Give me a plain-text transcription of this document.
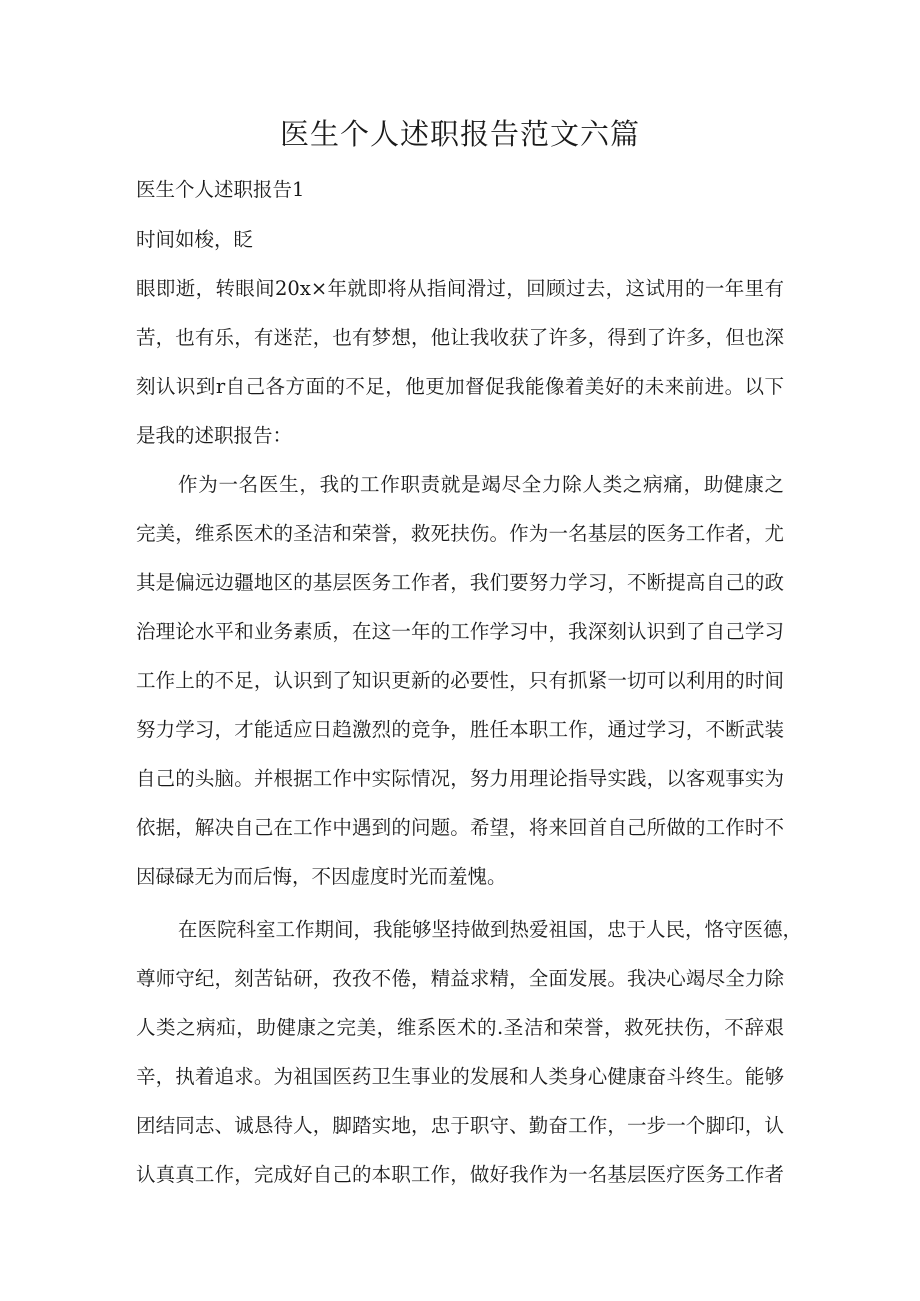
医生个人述职报告范文六篇

医生个人述职报告1

时间如梭，眨

眼即逝，转眼间20x×年就即将从指间滑过，回顾过去，这试用的一年里有

苦，也有乐，有迷茫，也有梦想，他让我收获了许多，得到了许多，但也深

刻认识到r自己各方面的不足，他更加督促我能像着美好的未来前进。以下

是我的述职报告：

作为一名医生，我的工作职责就是竭尽全力除人类之病痛，助健康之

完美，维系医术的圣洁和荣誉，救死扶伤。作为一名基层的医务工作者，尤

其是偏远边疆地区的基层医务工作者，我们要努力学习，不断提高自己的政

治理论水平和业务素质，在这一年的工作学习中，我深刻认识到了自己学习

工作上的不足，认识到了知识更新的必要性，只有抓紧一切可以利用的时间

努力学习，才能适应日趋激烈的竞争，胜任本职工作，通过学习，不断武装

自己的头脑。并根据工作中实际情况，努力用理论指导实践，以客观事实为

依据，解决自己在工作中遇到的问题。希望，将来回首自己所做的工作时不

因碌碌无为而后悔，不因虚度时光而羞愧。

在医院科室工作期间，我能够坚持做到热爱祖国，忠于人民，恪守医德，

尊师守纪，刻苦钻研，孜孜不倦，精益求精，全面发展。我决心竭尽全力除

人类之病疝，助健康之完美，维系医术的.圣洁和荣誉，救死扶伤，不辞艰

辛，执着追求。为祖国医药卫生事业的发展和人类身心健康奋斗终生。能够

团结同志、诚恳待人，脚踏实地，忠于职守、勤奋工作，一步一个脚印，认

认真真工作，完成好自己的本职工作，做好我作为一名基层医疗医务工作者
